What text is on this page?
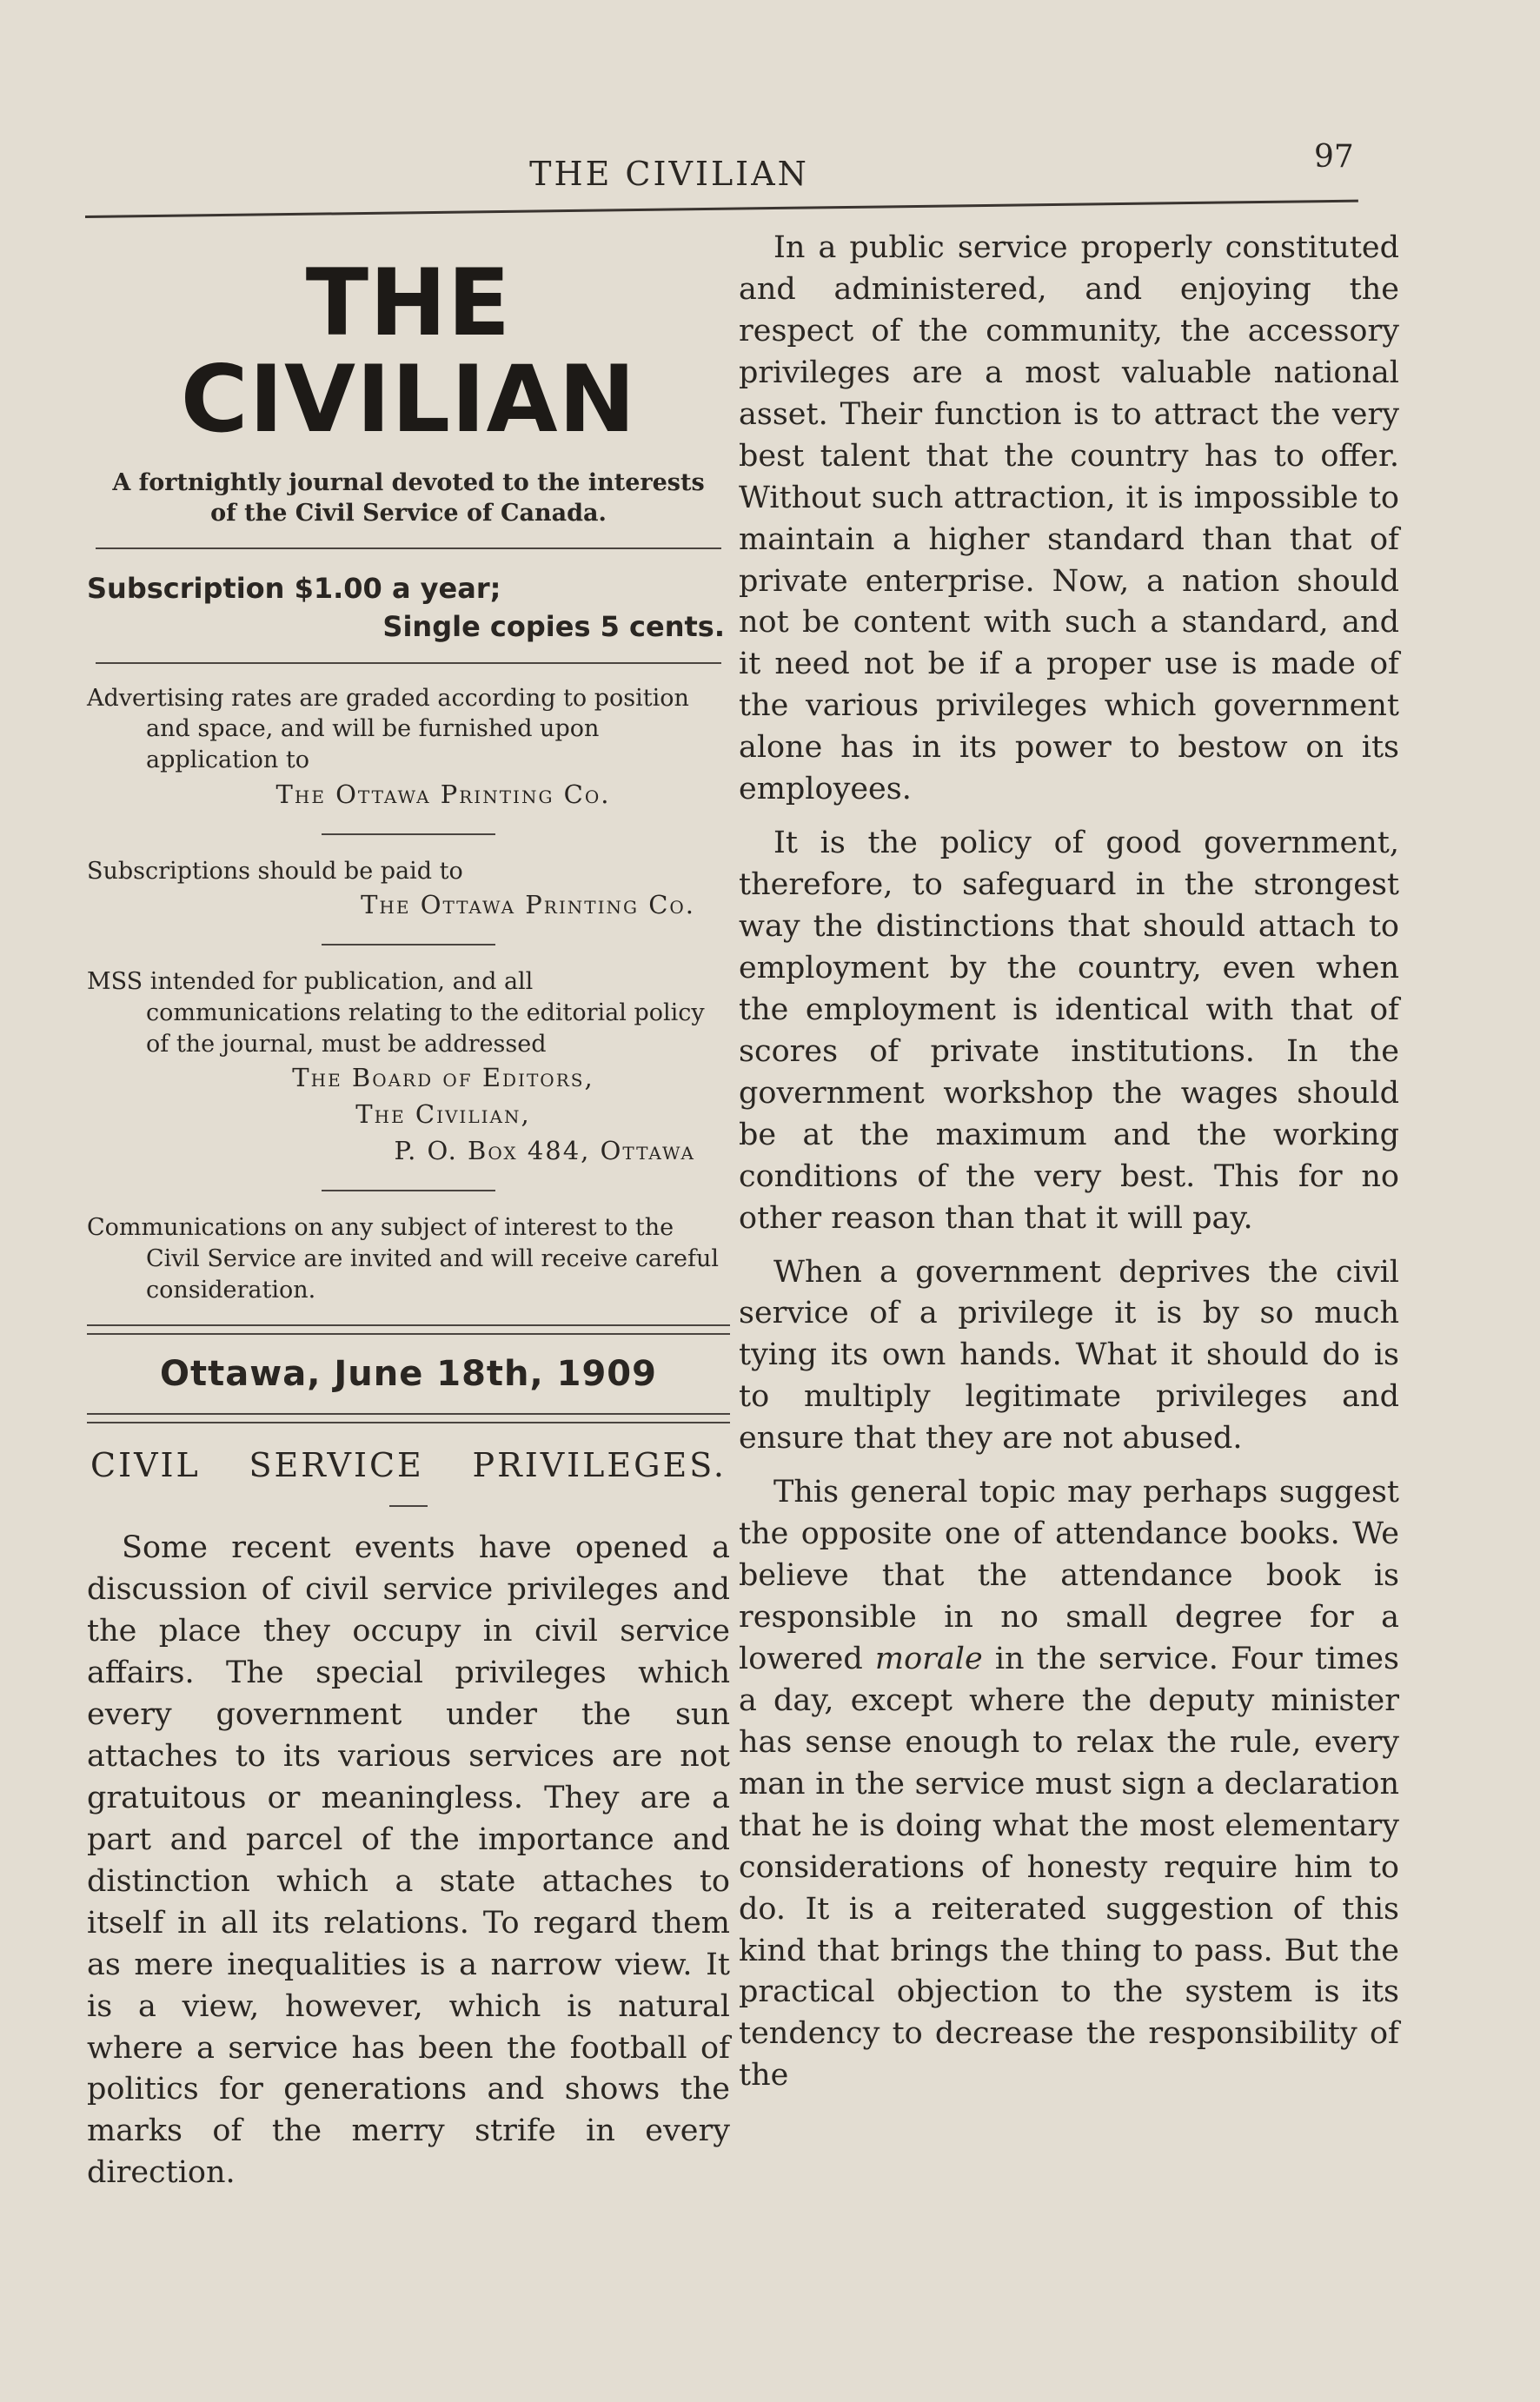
THE CIVILIAN	97
THE CIVILIAN
A fortnightly journal devoted to the interests of the Civil Service of Canada.
Subscription $1.00 a year;
Single copies 5 cents.

Advertising rates are graded according to position and space, and will be furnished upon application to

The Ottawa Printing Co.

Subscriptions should be paid to

The Ottawa Printing Co.

MSS intended for publication, and all communications relating to the editorial policy of the journal, must be addressed

The Board of Editors,
The Civilian,
P. O. Box 484, Ottawa

Communications on any subject of interest to the Civil Service are invited and will receive careful consideration.

Ottawa, June 18th, 1909
CIVIL SERVICE PRIVILEGES.

Some recent events have opened a discussion of civil service privileges and the place they occupy in civil service affairs. The special privileges which every government under the sun attaches to its various services are not gratuitous or meaningless. They are a part and parcel of the importance and distinction which a state attaches to itself in all its relations. To regard them as mere inequalities is a narrow view. It is a view, however, which is natural where a service has been the football of politics for generations and shows the marks of the merry strife in every direction.

In a public service properly constituted and administered, and enjoying the respect of the community, the accessory privileges are a most valuable national asset. Their function is to attract the very best talent that the country has to offer. Without such attraction, it is impossible to maintain a higher standard than that of private enterprise. Now, a nation should not be content with such a standard, and it need not be if a proper use is made of the various privileges which government alone has in its power to bestow on its employees.

It is the policy of good government, therefore, to safeguard in the strongest way the distinctions that should attach to employment by the country, even when the employment is identical with that of scores of private institutions. In the government workshop the wages should be at the maximum and the working conditions of the very best. This for no other reason than that it will pay.

When a government deprives the civil service of a privilege it is by so much tying its own hands. What it should do is to multiply legitimate privileges and ensure that they are not abused.

This general topic may perhaps suggest the opposite one of attendance books. We believe that the attendance book is responsible in no small degree for a lowered morale in the service. Four times a day, except where the deputy minister has sense enough to relax the rule, every man in the service must sign a declaration that he is doing what the most elementary considerations of honesty require him to do. It is a reiterated suggestion of this kind that brings the thing to pass. But the practical objection to the system is its tendency to decrease the responsibility of the
